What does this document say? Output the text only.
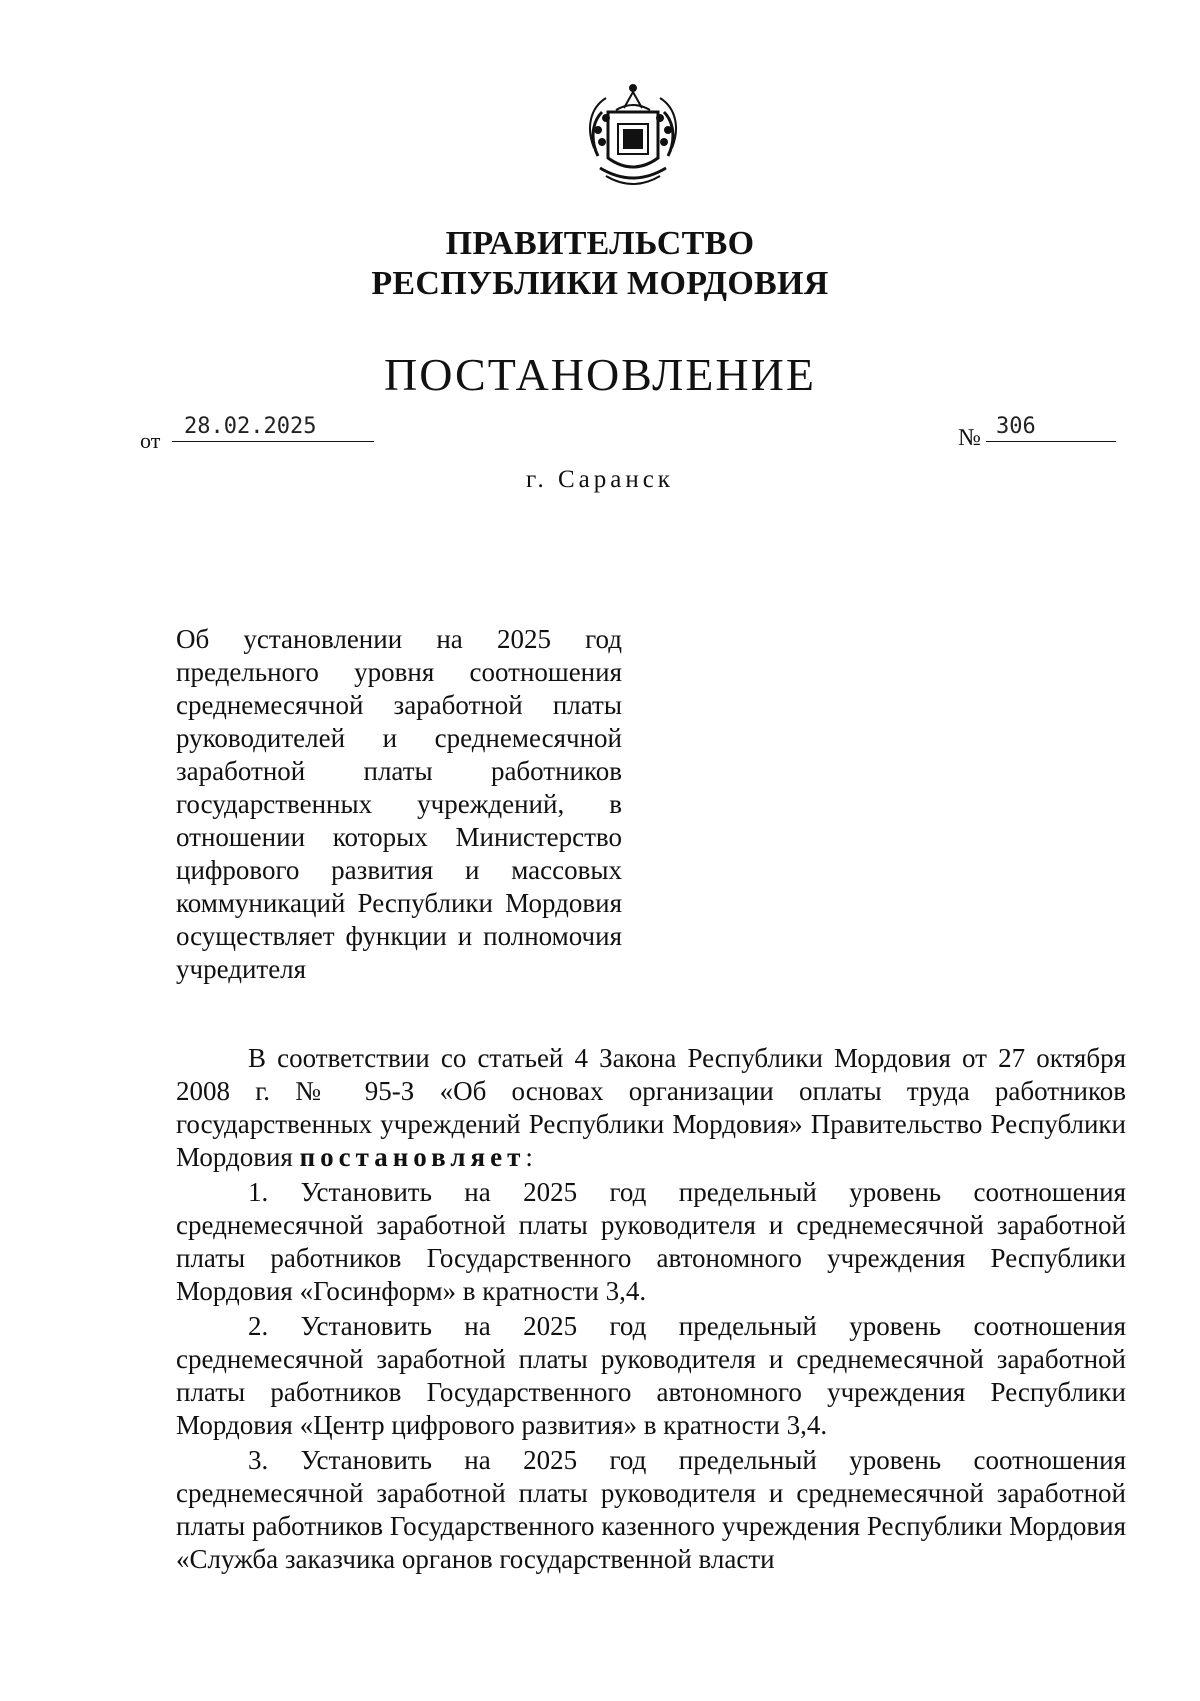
ПРАВИТЕЛЬСТВО
РЕСПУБЛИКИ МОРДОВИЯ
ПОСТАНОВЛЕНИЕ
от
28.02.2025	№ 306
г. Саранск

Об установлении на 2025 год предельного уровня соотношения среднемесячной заработной платы руководителей и среднемесячной заработной платы работников государственных учреждений, в отношении которых Министерство цифрового развития и массовых коммуникаций Республики Мордовия осуществляет функции и полномочия учредителя

В соответствии со статьей 4 Закона Республики Мордовия от 27 октября 2008 г. № 95-З «Об основах организации оплаты труда работников государственных учреждений Республики Мордовия» Правительство Республики Мордовия постановляет:

1. Установить на 2025 год предельный уровень соотношения среднемесячной заработной платы руководителя и среднемесячной заработной платы работников Государственного автономного учреждения Республики Мордовия «Госинформ» в кратности 3,4.

2. Установить на 2025 год предельный уровень соотношения среднемесячной заработной платы руководителя и среднемесячной заработной платы работников Государственного автономного учреждения Республики Мордовия «Центр цифрового развития» в кратности 3,4.

3. Установить на 2025 год предельный уровень соотношения среднемесячной заработной платы руководителя и среднемесячной заработной платы работников Государственного казенного учреждения Республики Мордовия «Служба заказчика органов государственной власти
